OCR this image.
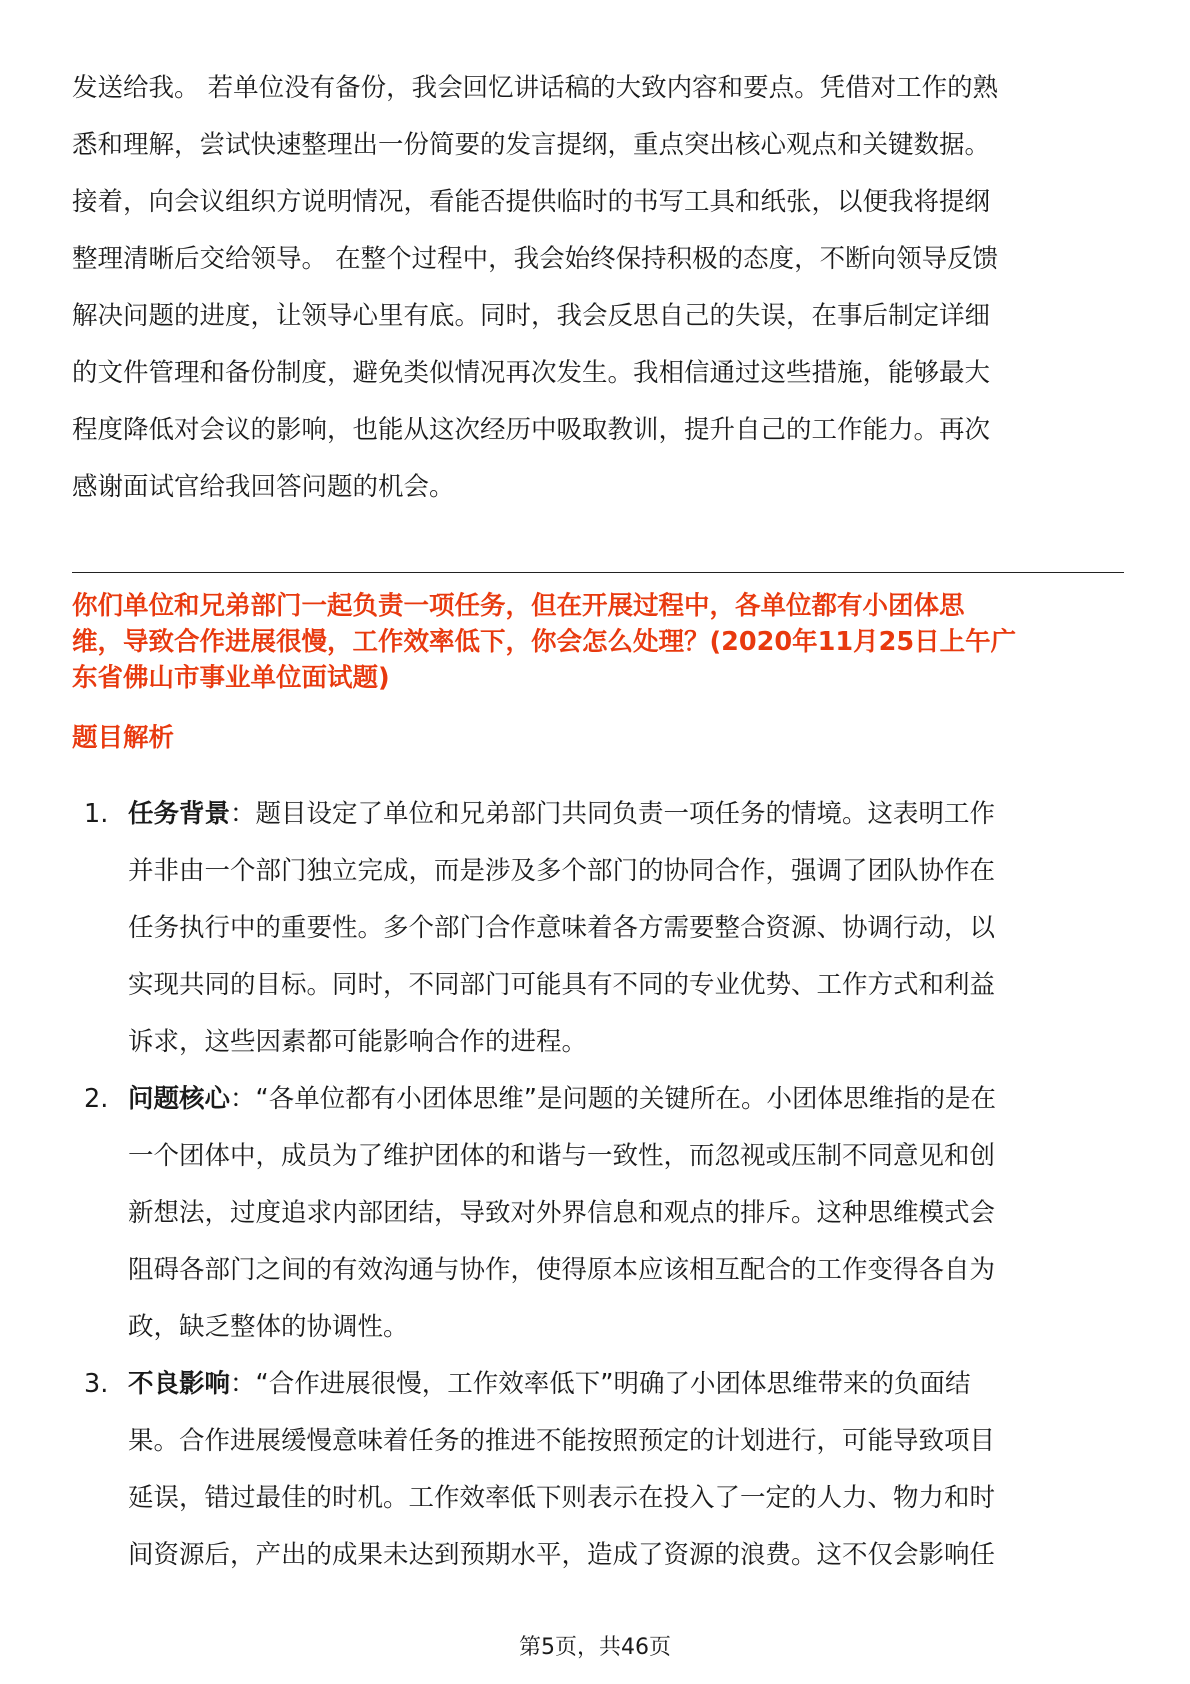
发送给我。 若单位没有备份，我会回忆讲话稿的大致内容和要点。凭借对工作的熟
悉和理解，尝试快速整理出一份简要的发言提纲，重点突出核心观点和关键数据。
接着，向会议组织方说明情况，看能否提供临时的书写工具和纸张，以便我将提纲
整理清晰后交给领导。 在整个过程中，我会始终保持积极的态度，不断向领导反馈
解决问题的进度，让领导心里有底。同时，我会反思自己的失误，在事后制定详细
的文件管理和备份制度，避免类似情况再次发生。我相信通过这些措施，能够最大
程度降低对会议的影响，也能从这次经历中吸取教训，提升自己的工作能力。再次
感谢面试官给我回答问题的机会。
你们单位和兄弟部门一起负责一项任务，但在开展过程中，各单位都有小团体思
维，导致合作进展很慢，工作效率低下，你会怎么处理？(2020年11月25日上午广
东省佛山市事业单位面试题)
题目解析
1. 任务背景：题目设定了单位和兄弟部门共同负责一项任务的情境。这表明工作
并非由一个部门独立完成，而是涉及多个部门的协同合作，强调了团队协作在
任务执行中的重要性。多个部门合作意味着各方需要整合资源、协调行动，以
实现共同的目标。同时，不同部门可能具有不同的专业优势、工作方式和利益
诉求，这些因素都可能影响合作的进程。
2. 问题核心：“各单位都有小团体思维”是问题的关键所在。小团体思维指的是在
一个团体中，成员为了维护团体的和谐与一致性，而忽视或压制不同意见和创
新想法，过度追求内部团结，导致对外界信息和观点的排斥。这种思维模式会
阻碍各部门之间的有效沟通与协作，使得原本应该相互配合的工作变得各自为
政，缺乏整体的协调性。
3. 不良影响：“合作进展很慢，工作效率低下”明确了小团体思维带来的负面结
果。合作进展缓慢意味着任务的推进不能按照预定的计划进行，可能导致项目
延误，错过最佳的时机。工作效率低下则表示在投入了一定的人力、物力和时
间资源后，产出的成果未达到预期水平，造成了资源的浪费。这不仅会影响任
第5页，共46页
